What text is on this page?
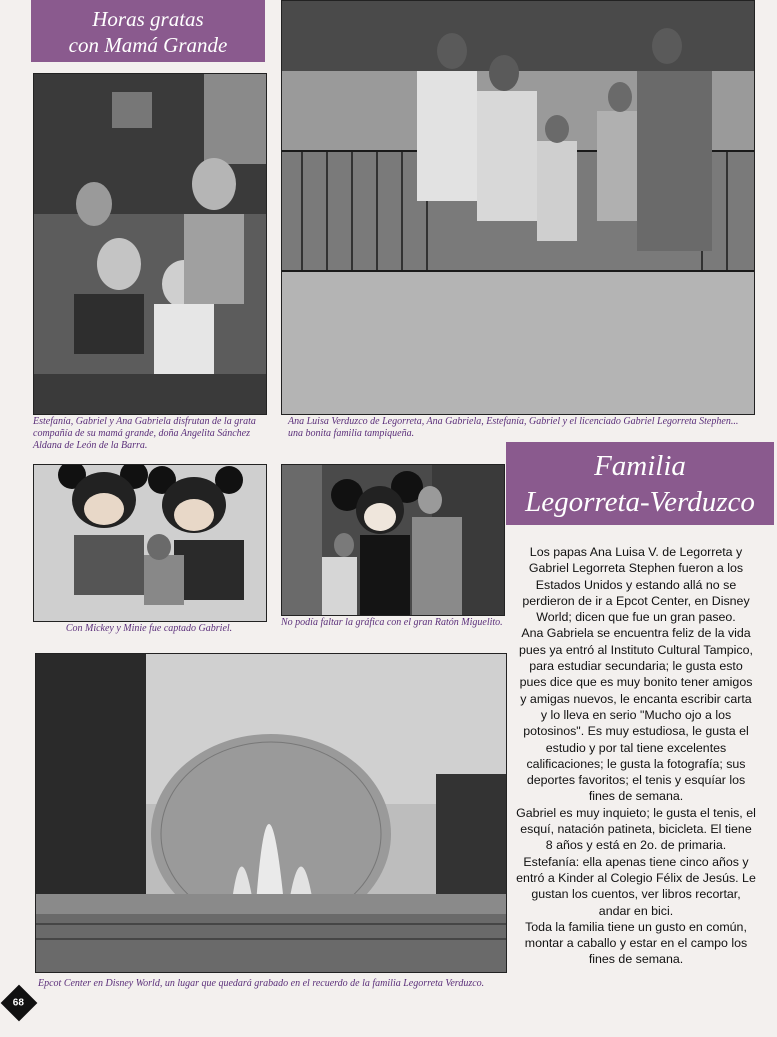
Horas gratas
con Mamá Grande
Estefanía, Gabriel y Ana Gabriela disfrutan de la grata compañía de su mamá grande, doña Angelita Sánchez Aldana de León de la Barra.
Ana Luisa Verduzco de Legorreta, Ana Gabriela, Estefanía, Gabriel y el licenciado Gabriel Legorreta Stephen... una bonita familia tampiqueña.
Con Mickey y Minie fue captado Gabriel.
No podía faltar la gráfica con el gran Ratón Miguelito.
Familia
Legorreta-Verduzco

Los papas Ana Luisa V. de Legorreta y Gabriel Legorreta Stephen fueron a los Estados Unidos y estando allá no se perdieron de ir a Epcot Center, en Disney World; dicen que fue un gran paseo.

Ana Gabriela se encuentra feliz de la vida pues ya entró al Instituto Cultural Tampico, para estudiar secundaria; le gusta esto pues dice que es muy bonito tener amigos y amigas nuevos, le encanta escribir carta y lo lleva en serio "Mucho ojo a los potosinos". Es muy estudiosa, le gusta el estudio y por tal tiene excelentes calificaciones; le gusta la fotografía; sus deportes favoritos; el tenis y esquíar los fines de semana.

Gabriel es muy inquieto; le gusta el tenis, el esquí, natación patineta, bicicleta. El tiene 8 años y está en 2o. de primaria.

Estefanía: ella apenas tiene cinco años y entró a Kinder al Colegio Félix de Jesús. Le gustan los cuentos, ver libros recortar, andar en bici.

Toda la familia tiene un gusto en común, montar a caballo y estar en el campo los fines de semana.

Epcot Center en Disney World, un lugar que quedará grabado en el recuerdo de la familia Legorreta Verduzco.
68
